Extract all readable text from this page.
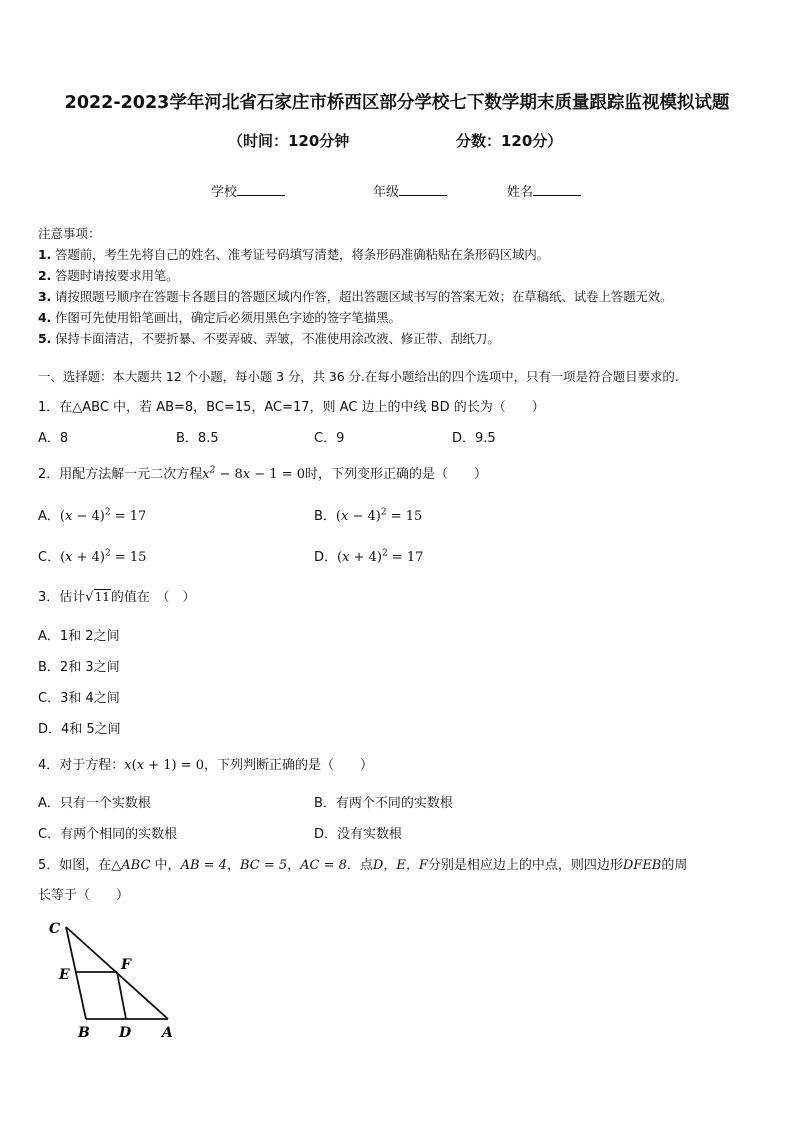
2022-2023学年河北省石家庄市桥西区部分学校七下数学期末质量跟踪监视模拟试题
（时间：120分钟	分数：120分）
学校	年级	姓名
注意事项：
1. 答题前，考生先将自己的姓名、准考证号码填写清楚，将条形码准确粘贴在条形码区域内。
2. 答题时请按要求用笔。
3. 请按照题号顺序在答题卡各题目的答题区域内作答，超出答题区域书写的答案无效；在草稿纸、试卷上答题无效。
4. 作图可先使用铅笔画出，确定后必须用黑色字迹的签字笔描黑。
5. 保持卡面清洁，不要折暴、不要弄破、弄皱，不准使用涂改液、修正带、刮纸刀。
一、选择题：本大题共 12 个小题，每小题 3 分，共 36 分.在每小题给出的四个选项中，只有一项是符合题目要求的.
1．在△ABC 中，若 AB=8，BC=15，AC=17，则 AC 边上的中线 BD 的长为（　　）
A．8	B．8.5	C．9	D．9.5
2．用配方法解一元二次方程$x^2 - 8x - 1 = 0$时，下列变形正确的是（　　）
A．$(x - 4)^2 = 17$	B．$(x - 4)^2 = 15$
C．$(x + 4)^2 = 15$	D．$(x + 4)^2 = 17$
3．估计√11的值在　（　）
A．1和 2之间
B．2和 3之间
C．3和 4之间
D．4和 5之间
4．对于方程：x(x + 1) = 0，下列判断正确的是（　　）
A．只有一个实数根	B．有两个不同的实数根
C．有两个相同的实数根	D．没有实数根
5．如图，在△ABC 中，AB = 4，BC = 5，AC = 8．点D，E，F分别是相应边上的中点，则四边形DFEB的周
长等于（　　）
C
E
F
B D A
